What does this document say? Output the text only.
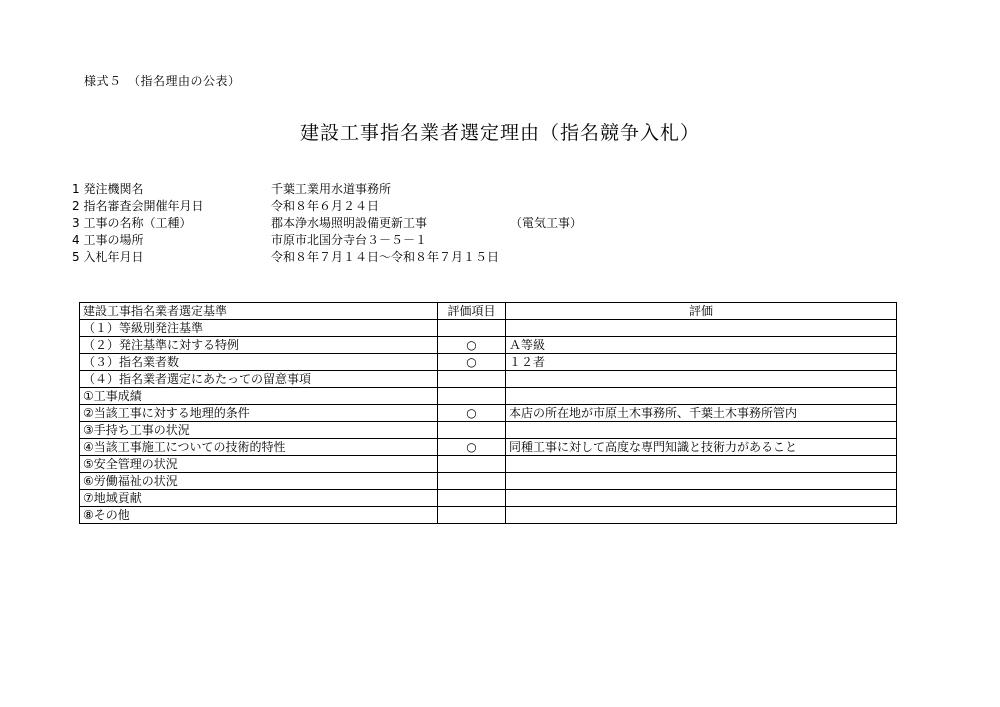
様式５　（指名理由の公表）
建設工事指名業者選定理由（指名競争入札）
1 発注機関名	千葉工業用水道事務所
2 指名審査会開催年月日	令和８年６月２４日
3 工事の名称（工種）	郡本浄水場照明設備更新工事	（電気工事）
4 工事の場所	市原市北国分寺台３－５－１
5 入札年月日	令和８年７月１４日～令和８年７月１５日
建設工事指名業者選定基準	評価項目	評価
（１）等級別発注基準		
（２）発注基準に対する特例	○	Ａ等級
（３）指名業者数	○	１２者
（４）指名業者選定にあたっての留意事項		
①工事成績		
②当該工事に対する地理的条件	○	本店の所在地が市原土木事務所、千葉土木事務所管内
③手持ち工事の状況		
④当該工事施工についての技術的特性	○	同種工事に対して高度な専門知識と技術力があること
⑤安全管理の状況		
⑥労働福祉の状況		
⑦地域貢献		
⑧その他		
